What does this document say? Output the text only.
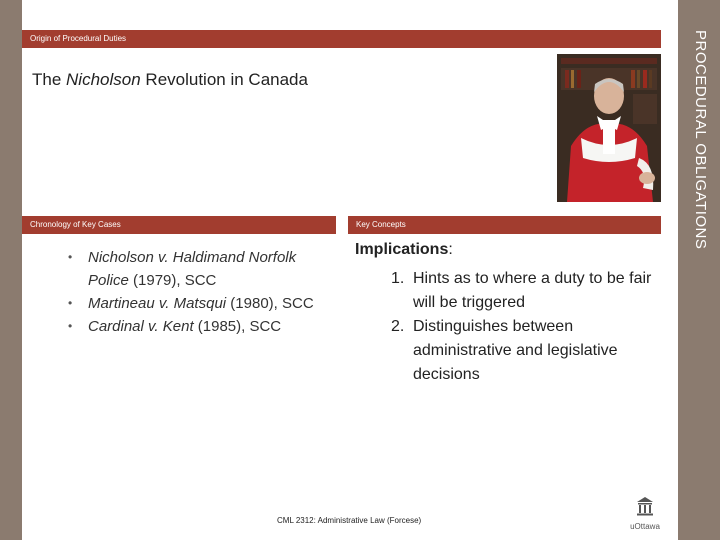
Origin of Procedural Duties
The Nicholson Revolution in Canada
Chronology of Key Cases	Key Concepts
• Nicholson v. Haldimand Norfolk Police (1979), SCC
• Martineau v. Matsqui (1980), SCC
• Cardinal v. Kent (1985), SCC
Implications:
1. Hints as to where a duty to be fair will be triggered
2. Distinguishes between administrative and legislative decisions
CML 2312: Administrative Law (Forcese)
uOttawa
PROCEDURAL OBLIGATIONS
